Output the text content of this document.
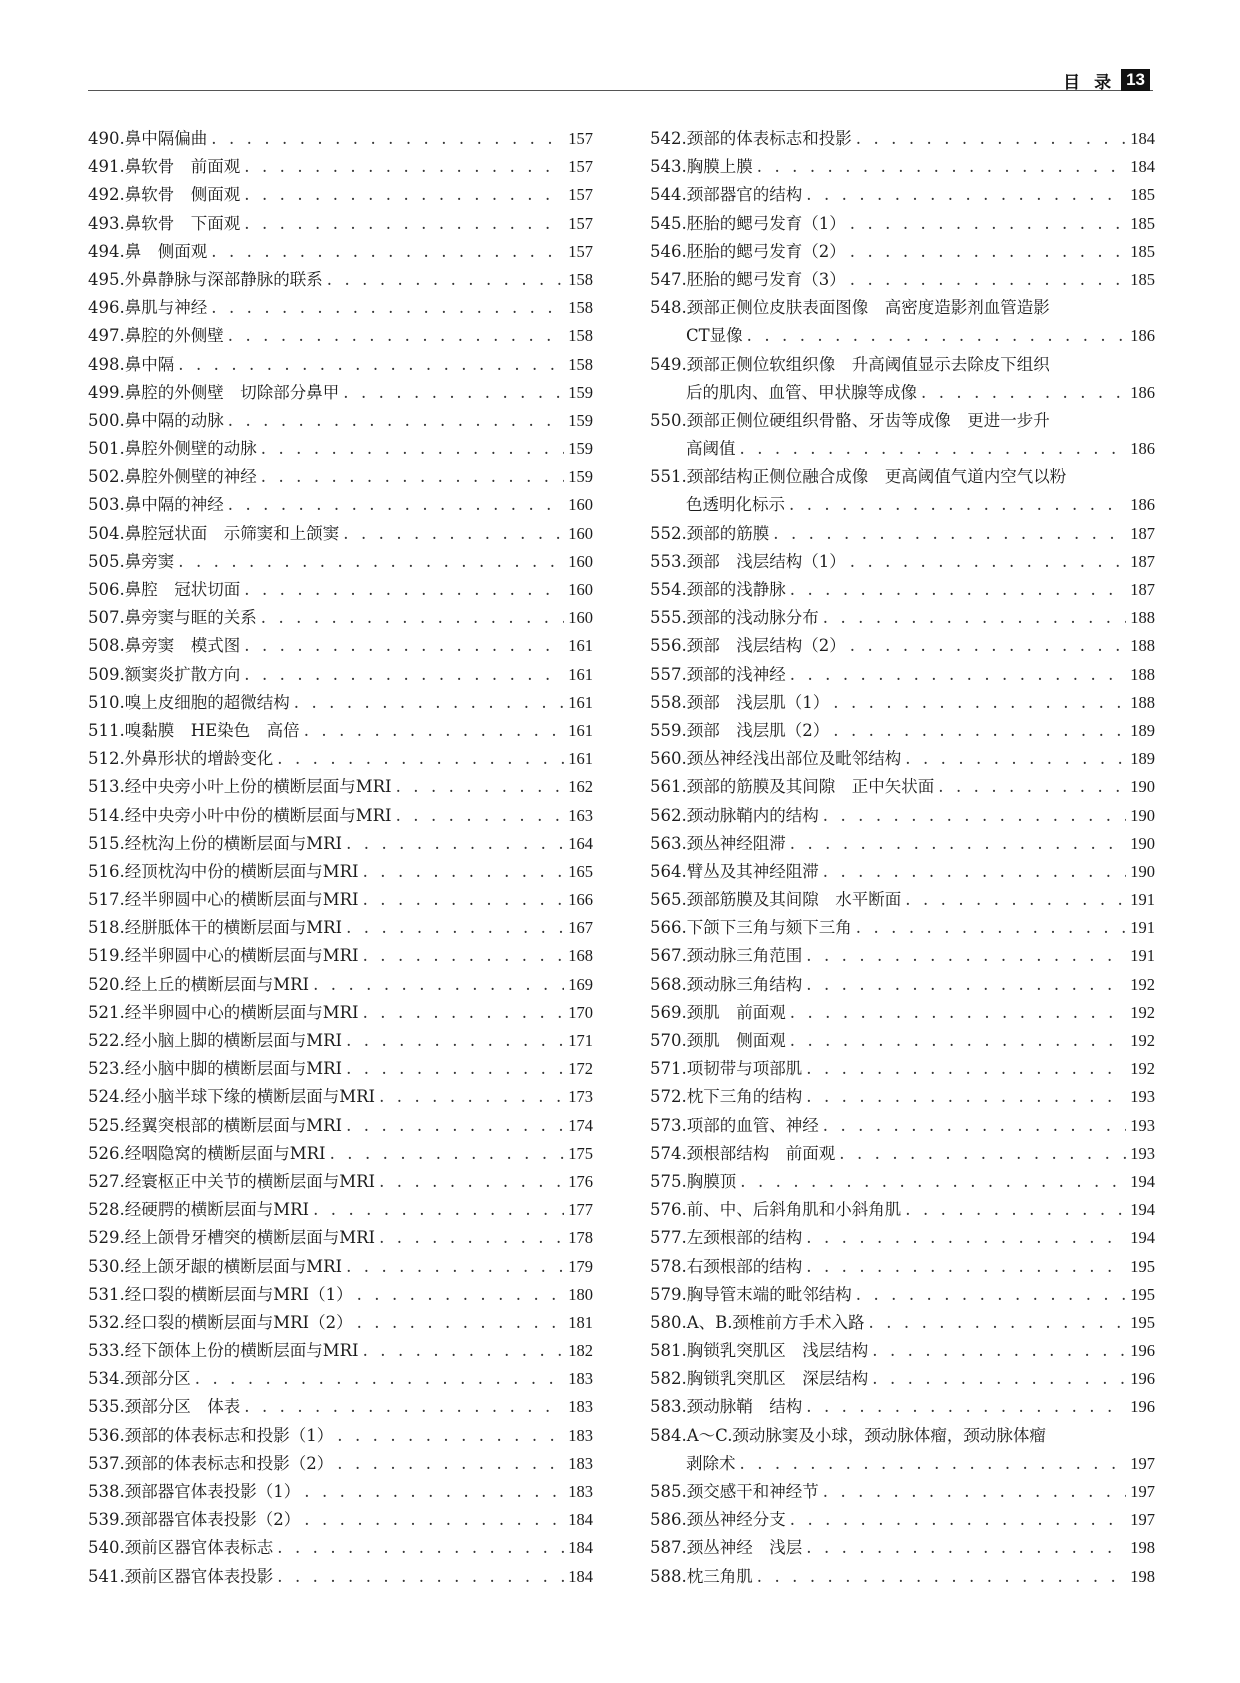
目 录 13
490.鼻中隔偏曲 . . .	157
491.鼻软骨　前面观 . . .	157
492.鼻软骨　侧面观 . . .	157
493.鼻软骨　下面观 . . .	157
494.鼻　侧面观 . . .	157
495.外鼻静脉与深部静脉的联系 . . .	158
496.鼻肌与神经 . . .	158
497.鼻腔的外侧壁 . . .	158
498.鼻中隔 . . .	158
499.鼻腔的外侧壁　切除部分鼻甲 . . .	159
500.鼻中隔的动脉 . . .	159
501.鼻腔外侧壁的动脉 . . .	159
502.鼻腔外侧壁的神经 . . .	159
503.鼻中隔的神经 . . .	160
504.鼻腔冠状面　示筛窦和上颌窦 . . .	160
505.鼻旁窦 . . .	160
506.鼻腔　冠状切面 . . .	160
507.鼻旁窦与眶的关系 . . .	160
508.鼻旁窦　模式图 . . .	161
509.额窦炎扩散方向 . . .	161
510.嗅上皮细胞的超微结构 . . .	161
511.嗅黏膜　HE染色　高倍 . . .	161
512.外鼻形状的增龄变化 . . .	161
513.经中央旁小叶上份的横断层面与MRI . . .	162
514.经中央旁小叶中份的横断层面与MRI . . .	163
515.经枕沟上份的横断层面与MRI . . .	164
516.经顶枕沟中份的横断层面与MRI . . .	165
517.经半卵圆中心的横断层面与MRI . . .	166
518.经胼胝体干的横断层面与MRI . . .	167
519.经半卵圆中心的横断层面与MRI . . .	168
520.经上丘的横断层面与MRI . . .	169
521.经半卵圆中心的横断层面与MRI . . .	170
522.经小脑上脚的横断层面与MRI . . .	171
523.经小脑中脚的横断层面与MRI . . .	172
524.经小脑半球下缘的横断层面与MRI . . .	173
525.经翼突根部的横断层面与MRI . . .	174
526.经咽隐窝的横断层面与MRI . . .	175
527.经寰枢正中关节的横断层面与MRI . . .	176
528.经硬腭的横断层面与MRI . . .	177
529.经上颌骨牙槽突的横断层面与MRI . . .	178
530.经上颌牙龈的横断层面与MRI . . .	179
531.经口裂的横断层面与MRI（1） . . .	180
532.经口裂的横断层面与MRI（2） . . .	181
533.经下颌体上份的横断层面与MRI . . .	182
534.颈部分区 . . .	183
535.颈部分区　体表 . . .	183
536.颈部的体表标志和投影（1） . . .	183
537.颈部的体表标志和投影（2） . . .	183
538.颈部器官体表投影（1） . . .	183
539.颈部器官体表投影（2） . . .	184
540.颈前区器官体表标志 . . .	184
541.颈前区器官体表投影 . . .	184
542.颈部的体表标志和投影 . . .	184
543.胸膜上膜 . . .	184
544.颈部器官的结构 . . .	185
545.胚胎的鳃弓发育（1） . . .	185
546.胚胎的鳃弓发育（2） . . .	185
547.胚胎的鳃弓发育（3） . . .	185
548.颈部正侧位皮肤表面图像　高密度造影剂血管造影
CT显像 . . .	186
549.颈部正侧位软组织像　升高阈值显示去除皮下组织
后的肌肉、血管、甲状腺等成像 . . .	186
550.颈部正侧位硬组织骨骼、牙齿等成像　更进一步升
高阈值 . . .	186
551.颈部结构正侧位融合成像　更高阈值气道内空气以粉
色透明化标示 . . .	186
552.颈部的筋膜 . . .	187
553.颈部　浅层结构（1） . . .	187
554.颈部的浅静脉 . . .	187
555.颈部的浅动脉分布 . . .	188
556.颈部　浅层结构（2） . . .	188
557.颈部的浅神经 . . .	188
558.颈部　浅层肌（1） . . .	188
559.颈部　浅层肌（2） . . .	189
560.颈丛神经浅出部位及毗邻结构 . . .	189
561.颈部的筋膜及其间隙　正中矢状面 . . .	190
562.颈动脉鞘内的结构 . . .	190
563.颈丛神经阻滞 . . .	190
564.臂丛及其神经阻滞 . . .	190
565.颈部筋膜及其间隙　水平断面 . . .	191
566.下颌下三角与颏下三角 . . .	191
567.颈动脉三角范围 . . .	191
568.颈动脉三角结构 . . .	192
569.颈肌　前面观 . . .	192
570.颈肌　侧面观 . . .	192
571.项韧带与项部肌 . . .	192
572.枕下三角的结构 . . .	193
573.项部的血管、神经 . . .	193
574.颈根部结构　前面观 . . .	193
575.胸膜顶 . . .	194
576.前、中、后斜角肌和小斜角肌 . . .	194
577.左颈根部的结构 . . .	194
578.右颈根部的结构 . . .	195
579.胸导管末端的毗邻结构 . . .	195
580.A、B.颈椎前方手术入路 . . .	195
581.胸锁乳突肌区　浅层结构 . . .	196
582.胸锁乳突肌区　深层结构 . . .	196
583.颈动脉鞘　结构 . . .	196
584.A～C.颈动脉窦及小球，颈动脉体瘤，颈动脉体瘤
剥除术 . . .	197
585.颈交感干和神经节 . . .	197
586.颈丛神经分支 . . .	197
587.颈丛神经　浅层 . . .	198
588.枕三角肌 . . .	198
